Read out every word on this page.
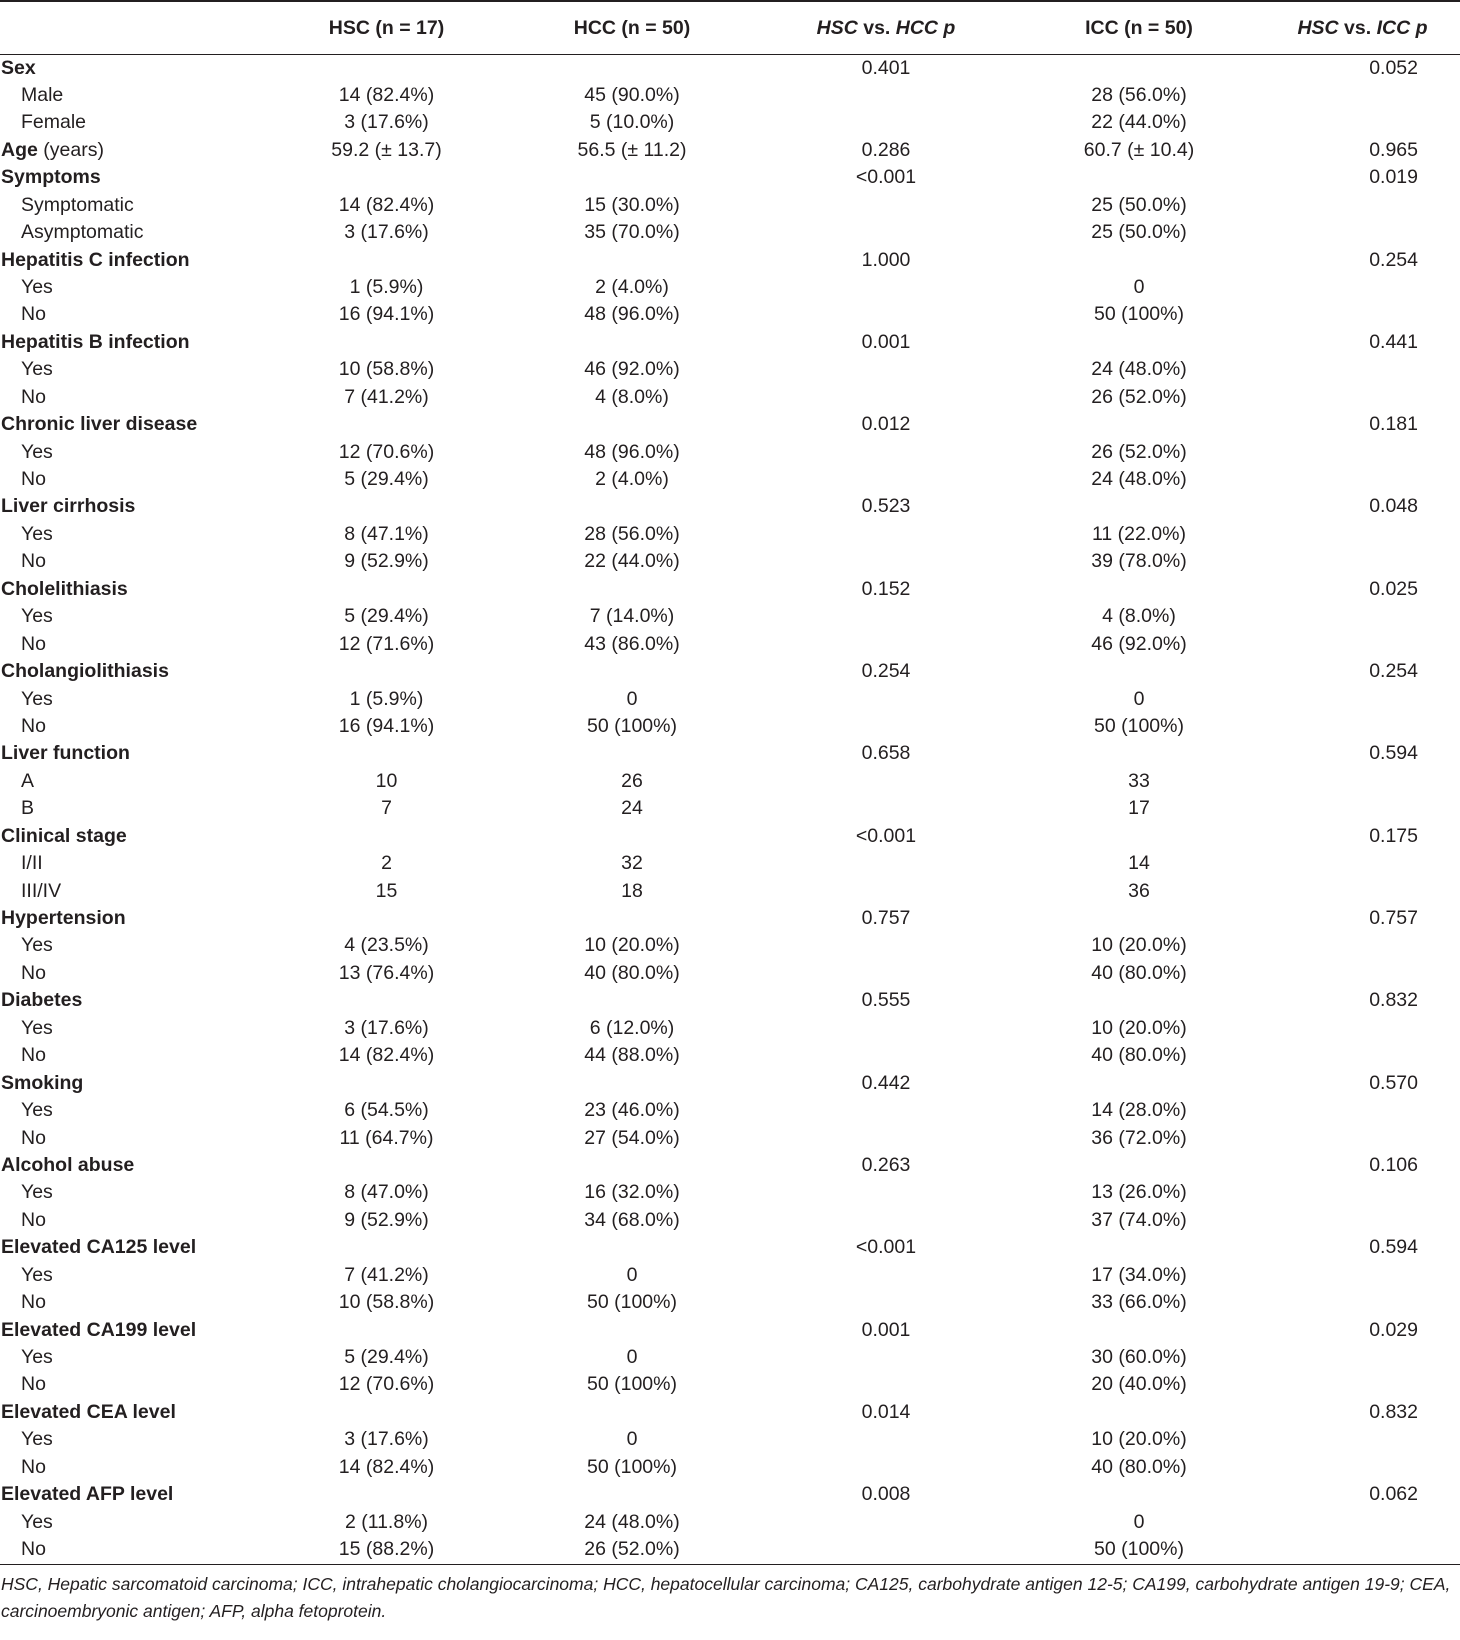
	HSC (n = 17)	HCC (n = 50)	HSC vs. HCC p	ICC (n = 50)	HSC vs. ICC p
Sex			0.401		0.052
Male	14 (82.4%)	45 (90.0%)		28 (56.0%)	
Female	3 (17.6%)	5 (10.0%)		22 (44.0%)	
Age (years)	59.2 (± 13.7)	56.5 (± 11.2)	0.286	60.7 (± 10.4)	0.965
Symptoms			<0.001		0.019
Symptomatic	14 (82.4%)	15 (30.0%)		25 (50.0%)	
Asymptomatic	3 (17.6%)	35 (70.0%)		25 (50.0%)	
Hepatitis C infection			1.000		0.254
Yes	1 (5.9%)	2 (4.0%)		0	
No	16 (94.1%)	48 (96.0%)		50 (100%)	
Hepatitis B infection			0.001		0.441
Yes	10 (58.8%)	46 (92.0%)		24 (48.0%)	
No	7 (41.2%)	4 (8.0%)		26 (52.0%)	
Chronic liver disease			0.012		0.181
Yes	12 (70.6%)	48 (96.0%)		26 (52.0%)	
No	5 (29.4%)	2 (4.0%)		24 (48.0%)	
Liver cirrhosis			0.523		0.048
Yes	8 (47.1%)	28 (56.0%)		11 (22.0%)	
No	9 (52.9%)	22 (44.0%)		39 (78.0%)	
Cholelithiasis			0.152		0.025
Yes	5 (29.4%)	7 (14.0%)		4 (8.0%)	
No	12 (71.6%)	43 (86.0%)		46 (92.0%)	
Cholangiolithiasis			0.254		0.254
Yes	1 (5.9%)	0		0	
No	16 (94.1%)	50 (100%)		50 (100%)	
Liver function			0.658		0.594
A	10	26		33	
B	7	24		17	
Clinical stage			<0.001		0.175
I/II	2	32		14	
III/IV	15	18		36	
Hypertension			0.757		0.757
Yes	4 (23.5%)	10 (20.0%)		10 (20.0%)	
No	13 (76.4%)	40 (80.0%)		40 (80.0%)	
Diabetes			0.555		0.832
Yes	3 (17.6%)	6 (12.0%)		10 (20.0%)	
No	14 (82.4%)	44 (88.0%)		40 (80.0%)	
Smoking			0.442		0.570
Yes	6 (54.5%)	23 (46.0%)		14 (28.0%)	
No	11 (64.7%)	27 (54.0%)		36 (72.0%)	
Alcohol abuse			0.263		0.106
Yes	8 (47.0%)	16 (32.0%)		13 (26.0%)	
No	9 (52.9%)	34 (68.0%)		37 (74.0%)	
Elevated CA125 level			<0.001		0.594
Yes	7 (41.2%)	0		17 (34.0%)	
No	10 (58.8%)	50 (100%)		33 (66.0%)	
Elevated CA199 level			0.001		0.029
Yes	5 (29.4%)	0		30 (60.0%)	
No	12 (70.6%)	50 (100%)		20 (40.0%)	
Elevated CEA level			0.014		0.832
Yes	3 (17.6%)	0		10 (20.0%)	
No	14 (82.4%)	50 (100%)		40 (80.0%)	
Elevated AFP level			0.008		0.062
Yes	2 (11.8%)	24 (48.0%)		0	
No	15 (88.2%)	26 (52.0%)		50 (100%)	
HSC, Hepatic sarcomatoid carcinoma; ICC, intrahepatic cholangiocarcinoma; HCC, hepatocellular carcinoma; CA125, carbohydrate antigen 12-5; CA199, carbohydrate antigen 19-9; CEA, carcinoembryonic antigen; AFP, alpha fetoprotein.
